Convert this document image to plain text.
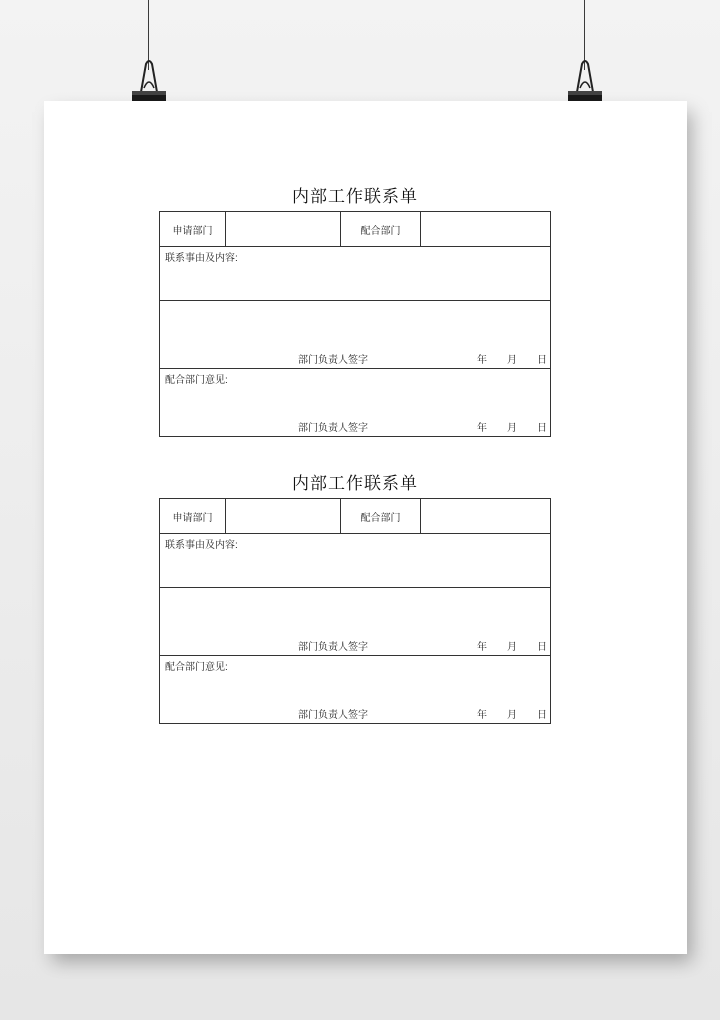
内部工作联系单
申请部门	配合部门
联系事由及内容:
部门负责人签字	年 月 日
配合部门意见:
部门负责人签字	年 月 日
内部工作联系单
申请部门	配合部门
联系事由及内容:
部门负责人签字	年 月 日
配合部门意见:
部门负责人签字	年 月 日
